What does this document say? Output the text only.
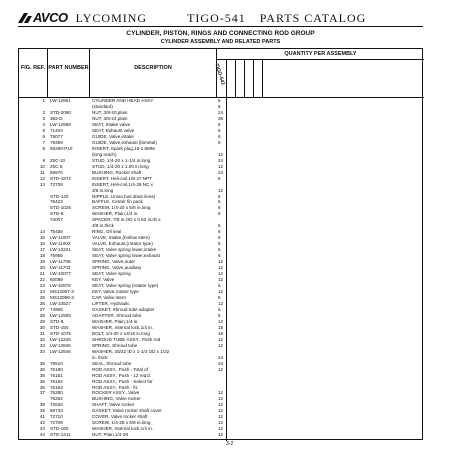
AVCO LYCOMING	TIGO-541 PARTS CATALOG
CYLINDER, PISTON, RINGS AND CONNECTING ROD GROUP
CYLINDER ASSEMBLY AND RELATED PARTS
FIG. REF. PART NUMBER	DESCRIPTION
QUANTITY PER ASSEMBLY
TIGO-541
1 LW-12861	CYLINDER AND HEAD ASSY.	6
(standard)	6
2 STD-2090	NUT, 3/8-20,plain	24
3 382-D	NUT, 3/8-24,plain	36
4 LW-12689	SEAT, Intake valve	6
5 71404	SEAT, Exhaust valve	6
6 76077	GUIDE, Valve,intake	6
7 79369	GUIDE, Valve,exhaust (bimetal)	6
8 69260-P10	INSERT, Spark plug,18-1.5MM
(long reach)	12
9 25C-10	STUD, 1/4-20 x 1-1/4 in.long	24
10 25C-8	STUD, 1/4-20 x 1.00 in.long	12
11 66970	BUSHING, Rocker shaft	24
12 STD-1872	INSERT, Heli-coil,1/8-27 NPT	6
13 72708	INSERT, Heli-coil,1/4-28 NC x
3/8 in.long	12
STD-140	NIPPLE, Union,fuel drain lines)	6
76423	BAFFLE, Center fin pack	6
STD-1025	SCREW, 1/4-20 x 5/8 in.long	6
STD-5	WASHER, Plain,1/4 in.	6
74007	SPACER, 7/8 in.OD x 0.52 in.ID x
3/8 in.thick	6
14 75455	RING, Oil seal	6
15 LW-11007	VALVE, Intake,(hollow stem)	6
16 LW-11002	VALVE, Exhaust,(rotator type)	6
17 LW-13221	SEAT, Valve spring lower,intake	6
18 76955	SEAT, Valve spring lower,exhaust	6
19 LW-11706	SPRING, Valve,outer	12
20 LW-11703	SPRING, Valve,auxiliary	12
21 LW-10077	SEAT, Valve spring	12
22 60099	KEY, Valve	12
23 LW-10876	SEAT, Valve spring (rotator type)	6
24 MS12097-3	KEY, Valve,rotator type	12
25 MS12098-3	CAP, Valve stem	6
26 LW-10527	LIFTER, Hydraulic	12
27 74908	GASKET, Shroud tube adapter	6
28 LW-12508	ADAPTER, Shroud tube	6
29 STD-8	WASHER, Plain,1/4 in.	12
30 STD-150	WASHER, Internal lock,1/4 in.	18
31 STD-1075	BOLT, 1/4-20 x 13/16 in.long	18
32 LW-13226	SHROUD TUBE ASSY., Push rod	12
33 LW-13945	SPRING, Shroud tube	12
34 LW-12646	WASHER, 25/32 ID x 1-1/4 OD x 1/32
in. thick	24
35 78510	SEAL, Shroud tube	24
36 76180	ROD ASSY., Push - Total of	12
36 76181	ROD ASSY., Push - 12 req'd.
36 76182	ROD ASSY., Push - Select for
36 76183	ROD ASSY., Push - fit.
37 76280	ROCKER ASSY., Valve	12
76262	BUSHING, Valve rocker	12
38 72626	SHAFT, Valve rocker	12
39 66733	GASKET, Valve rocker shaft cover	12
41 72710	COVER, Valve rocker shaft	12
42 72709	SCREW, 1/4-28 x 5/8 in.long	12
43 STD-160	WASHER, Internal lock,1/4 in.	12
44 STD-1411	NUT, Plain,1/4-28	12
3-2
